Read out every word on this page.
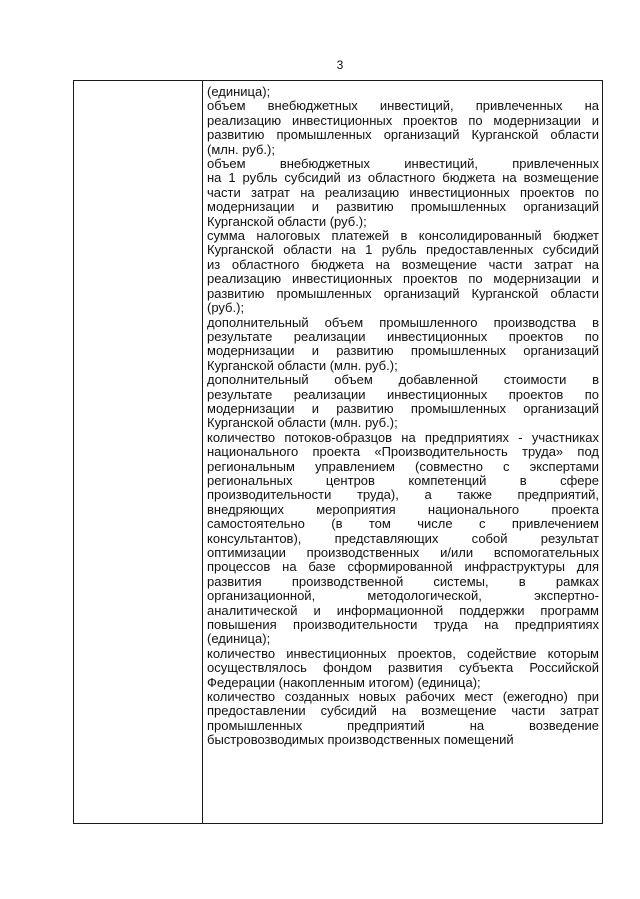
3
(единица);
объем внебюджетных инвестиций, привлеченных на
реализацию инвестиционных проектов по модернизации и
развитию промышленных организаций Курганской области
(млн. руб.);
объем внебюджетных инвестиций, привлеченных
на 1 рубль субсидий из областного бюджета на возмещение
части затрат на реализацию инвестиционных проектов по
модернизации и развитию промышленных организаций
Курганской области (руб.);
сумма налоговых платежей в консолидированный бюджет
Курганской области на 1 рубль предоставленных субсидий
из областного бюджета на возмещение части затрат на
реализацию инвестиционных проектов по модернизации и
развитию промышленных организаций Курганской области
(руб.);
дополнительный объем промышленного производства в
результате реализации инвестиционных проектов по
модернизации и развитию промышленных организаций
Курганской области (млн. руб.);
дополнительный объем добавленной стоимости в
результате реализации инвестиционных проектов по
модернизации и развитию промышленных организаций
Курганской области (млн. руб.);
количество потоков-образцов на предприятиях - участниках
национального проекта «Производительность труда» под
региональным управлением (совместно с экспертами
региональных центров компетенций в сфере
производительности труда), а также предприятий,
внедряющих мероприятия национального проекта
самостоятельно (в том числе с привлечением
консультантов), представляющих собой результат
оптимизации производственных и/или вспомогательных
процессов на базе сформированной инфраструктуры для
развития производственной системы, в рамках
организационной, методологической, экспертно-
аналитической и информационной поддержки программ
повышения производительности труда на предприятиях
(единица);
количество инвестиционных проектов, содействие которым
осуществлялось фондом развития субъекта Российской
Федерации (накопленным итогом) (единица);
количество созданных новых рабочих мест (ежегодно) при
предоставлении субсидий на возмещение части затрат
промышленных предприятий на возведение
быстровозводимых производственных помещений
